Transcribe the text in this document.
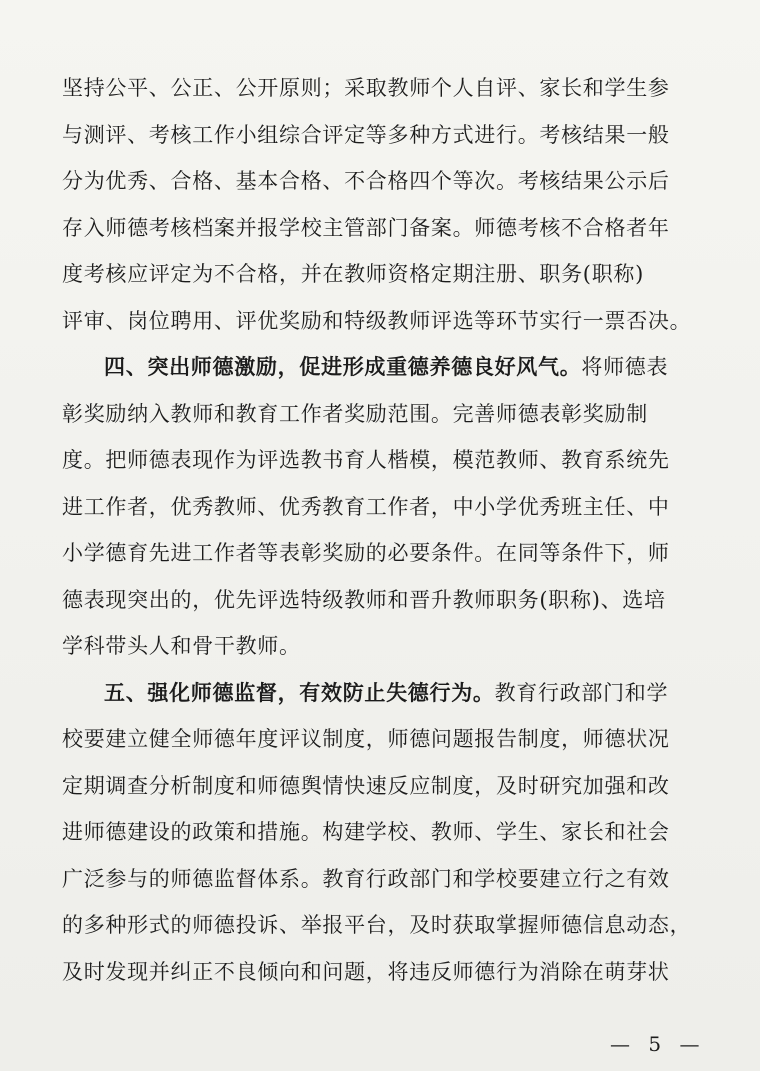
坚持公平、公正、公开原则；采取教师个人自评、家长和学生参
与测评、考核工作小组综合评定等多种方式进行。考核结果一般
分为优秀、合格、基本合格、不合格四个等次。考核结果公示后
存入师德考核档案并报学校主管部门备案。师德考核不合格者年
度考核应评定为不合格，并在教师资格定期注册、职务(职称)
评审、岗位聘用、评优奖励和特级教师评选等环节实行一票否决。
四、突出师德激励，促进形成重德养德良好风气。将师德表
彰奖励纳入教师和教育工作者奖励范围。完善师德表彰奖励制
度。把师德表现作为评选教书育人楷模，模范教师、教育系统先
进工作者，优秀教师、优秀教育工作者，中小学优秀班主任、中
小学德育先进工作者等表彰奖励的必要条件。在同等条件下，师
德表现突出的，优先评选特级教师和晋升教师职务(职称)、选培
学科带头人和骨干教师。
五、强化师德监督，有效防止失德行为。教育行政部门和学
校要建立健全师德年度评议制度，师德问题报告制度，师德状况
定期调查分析制度和师德舆情快速反应制度，及时研究加强和改
进师德建设的政策和措施。构建学校、教师、学生、家长和社会
广泛参与的师德监督体系。教育行政部门和学校要建立行之有效
的多种形式的师德投诉、举报平台，及时获取掌握师德信息动态，
及时发现并纠正不良倾向和问题，将违反师德行为消除在萌芽状
— 5 —
